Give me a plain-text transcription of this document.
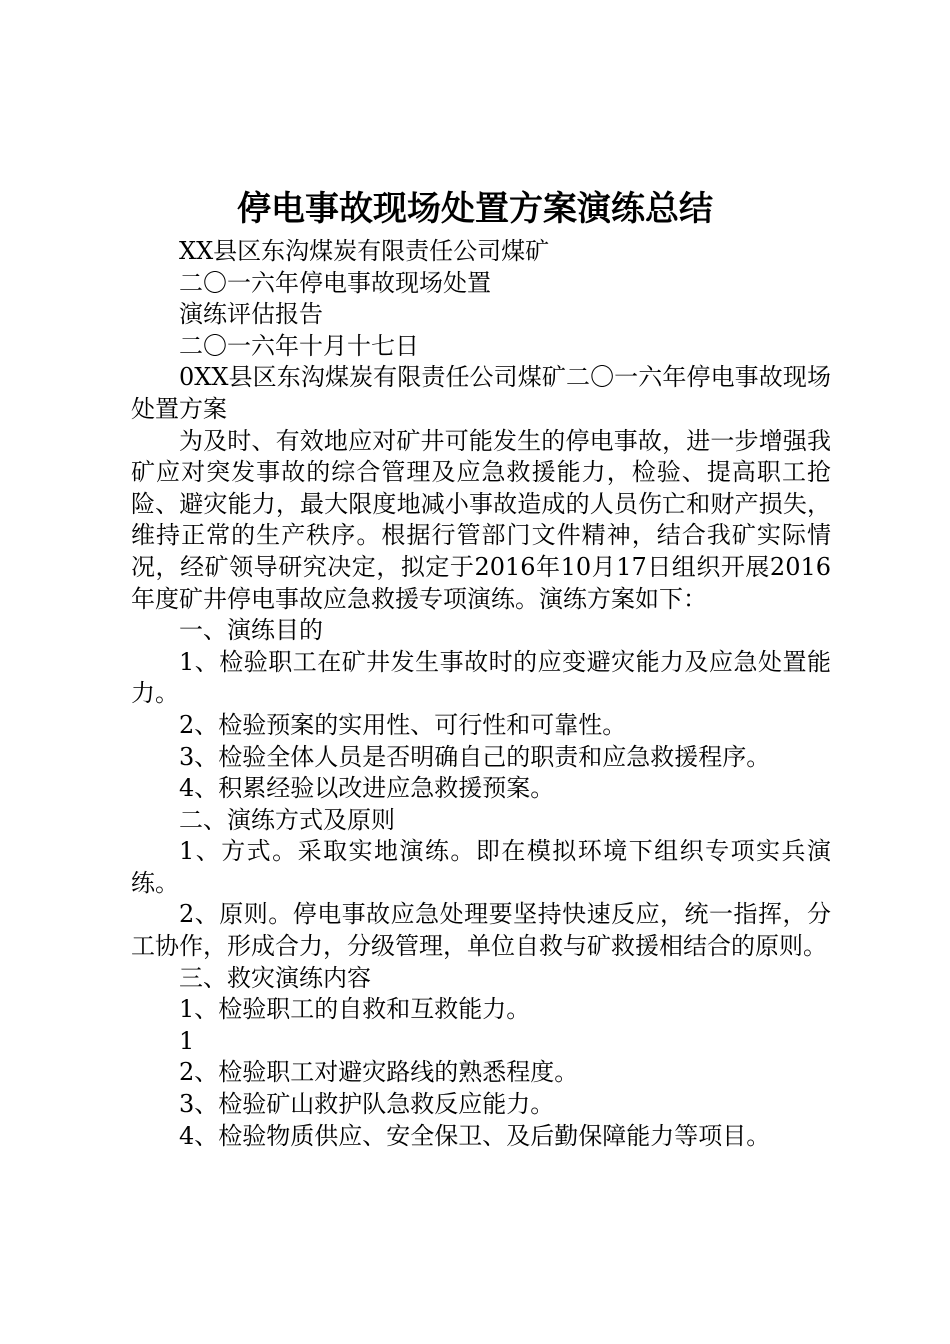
停电事故现场处置方案演练总结

XX县区东沟煤炭有限责任公司煤矿

二〇一六年停电事故现场处置

演练评估报告

二〇一六年十月十七日

0XX县区东沟煤炭有限责任公司煤矿二〇一六年停电事故现场处置方案

为及时、有效地应对矿井可能发生的停电事故，进一步增强我矿应对突发事故的综合管理及应急救援能力，检验、提高职工抢险、避灾能力，最大限度地减小事故造成的人员伤亡和财产损失，维持正常的生产秩序。根据行管部门文件精神，结合我矿实际情况，经矿领导研究决定，拟定于2016年10月17日组织开展2016年度矿井停电事故应急救援专项演练。演练方案如下：

一、演练目的

1、检验职工在矿井发生事故时的应变避灾能力及应急处置能力。

2、检验预案的实用性、可行性和可靠性。

3、检验全体人员是否明确自己的职责和应急救援程序。

4、积累经验以改进应急救援预案。

二、演练方式及原则

1、方式。采取实地演练。即在模拟环境下组织专项实兵演练。

2、原则。停电事故应急处理要坚持快速反应，统一指挥，分工协作，形成合力，分级管理，单位自救与矿救援相结合的原则。

三、救灾演练内容

1、检验职工的自救和互救能力。

1

2、检验职工对避灾路线的熟悉程度。

3、检验矿山救护队急救反应能力。

4、检验物质供应、安全保卫、及后勤保障能力等项目。
